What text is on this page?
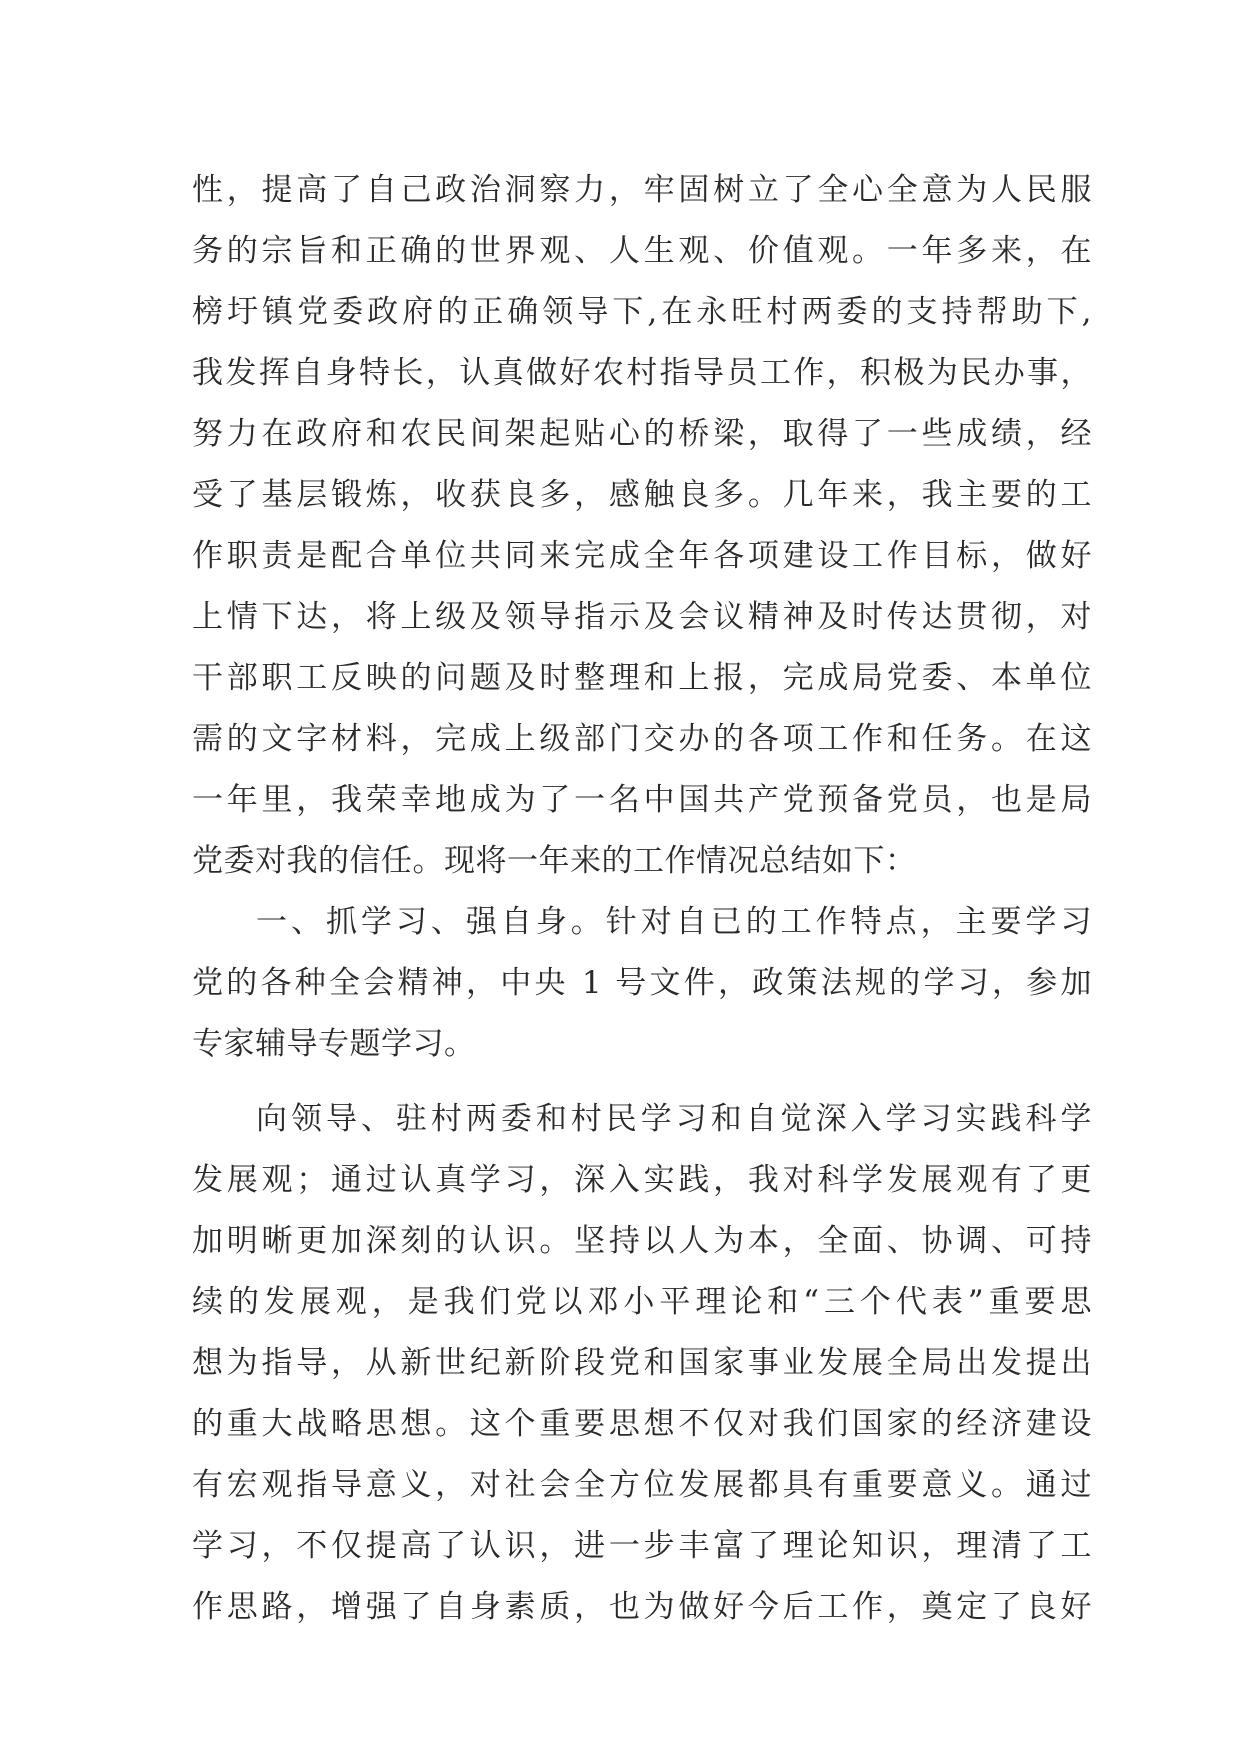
性，提高了自己政治洞察力，牢固树立了全心全意为人民服
务的宗旨和正确的世界观、人生观、价值观。一年多来，在
榜圩镇党委政府的正确领导下,在永旺村两委的支持帮助下,
我发挥自身特长，认真做好农村指导员工作，积极为民办事，
努力在政府和农民间架起贴心的桥梁，取得了一些成绩，经
受了基层锻炼，收获良多，感触良多。几年来，我主要的工
作职责是配合单位共同来完成全年各项建设工作目标，做好
上情下达，将上级及领导指示及会议精神及时传达贯彻，对
干部职工反映的问题及时整理和上报，完成局党委、本单位
需的文字材料，完成上级部门交办的各项工作和任务。在这
一年里，我荣幸地成为了一名中国共产党预备党员，也是局
党委对我的信任。现将一年来的工作情况总结如下：
一、抓学习、强自身。针对自已的工作特点，主要学习
党的各种全会精神，中央 1 号文件，政策法规的学习，参加
专家辅导专题学习。
向领导、驻村两委和村民学习和自觉深入学习实践科学
发展观；通过认真学习，深入实践，我对科学发展观有了更
加明晰更加深刻的认识。坚持以人为本，全面、协调、可持
续的发展观，是我们党以邓小平理论和“三个代表”重要思
想为指导，从新世纪新阶段党和国家事业发展全局出发提出
的重大战略思想。这个重要思想不仅对我们国家的经济建设
有宏观指导意义，对社会全方位发展都具有重要意义。通过
学习，不仅提高了认识，进一步丰富了理论知识，理清了工
作思路，增强了自身素质，也为做好今后工作，奠定了良好
